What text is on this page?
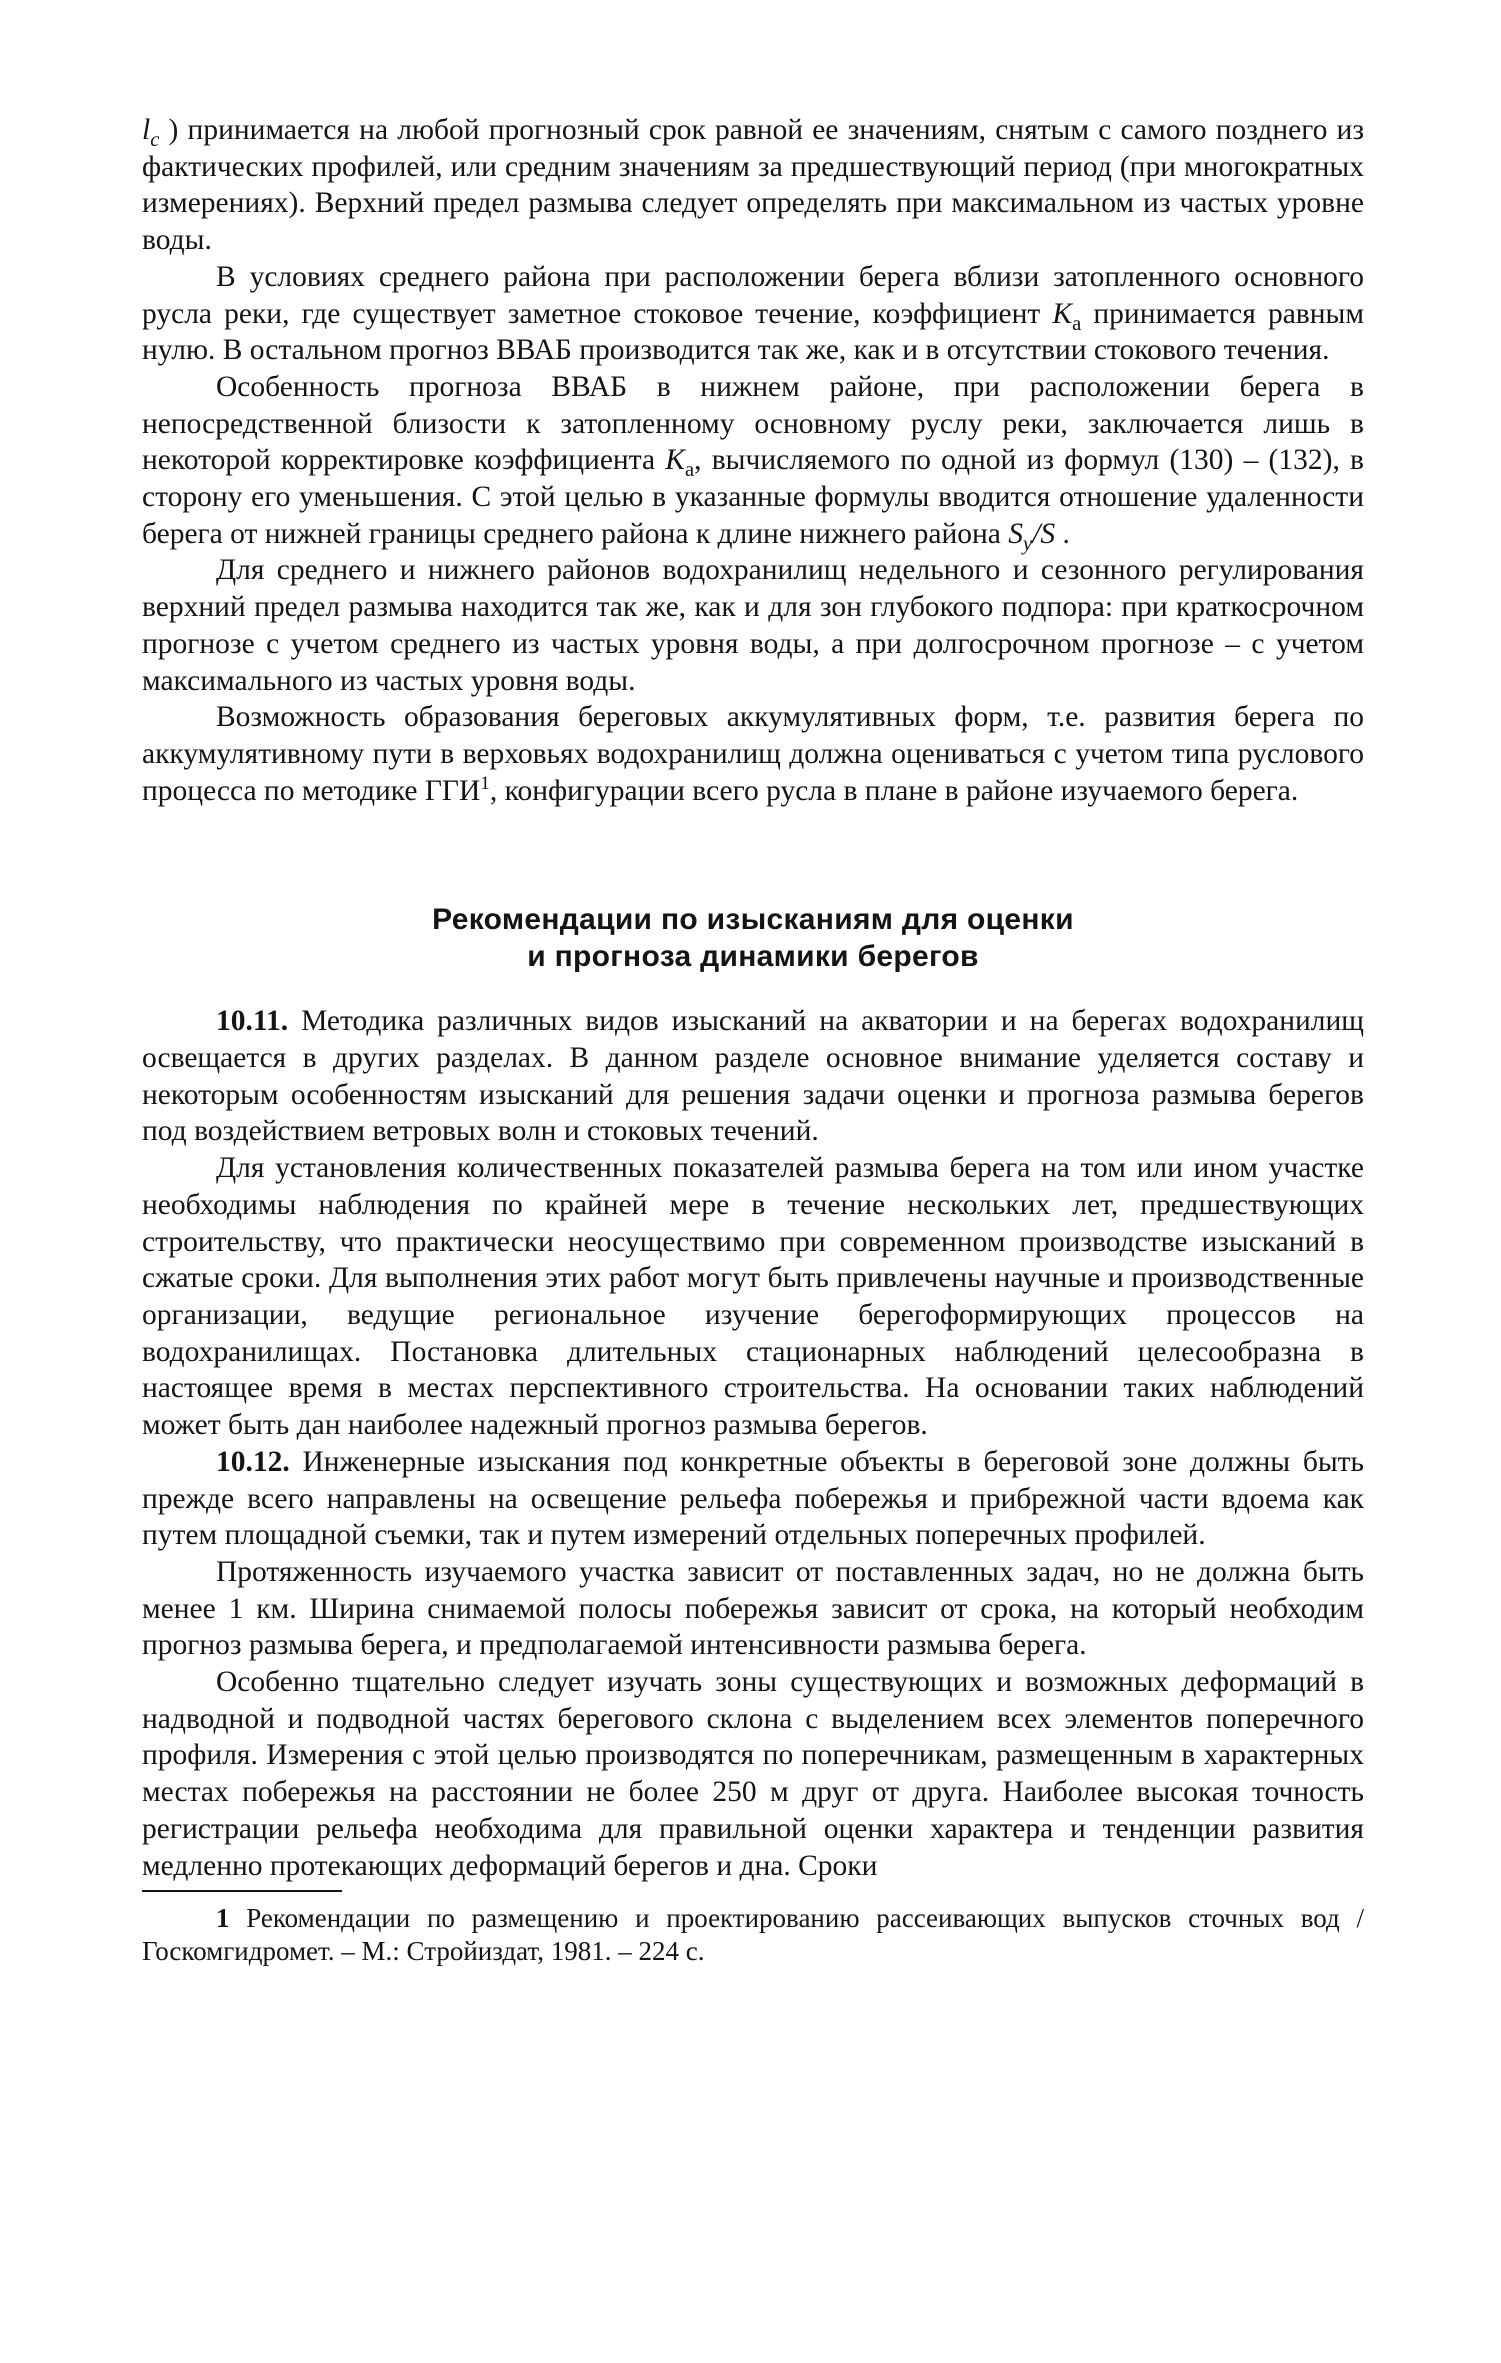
$l_c$ ) принимается на любой прогнозный срок равной ее значениям, снятым с самого позднего из фактических профилей, или средним значениям за предшествующий период (при многократных измерениях). Верхний предел размыва следует определять при максимальном из частых уровне воды.

В условиях среднего района при расположении берега вблизи затопленного основного русла реки, где существует заметное стоковое течение, коэффициент $K_a$ принимается равным нулю. В остальном прогноз ВВАБ производится так же, как и в отсутствии стокового течения.

Особенность прогноза ВВАБ в нижнем районе, при расположении берега в непосредственной близости к затопленному основному руслу реки, заключается лишь в некоторой корректировке коэффициента $K_a$, вычисляемого по одной из формул (130) – (132), в сторону его уменьшения. С этой целью в указанные формулы вводится отношение удаленности берега от нижней границы среднего района к длине нижнего района $S_y/S$ .

Для среднего и нижнего районов водохранилищ недельного и сезонного регулирования верхний предел размыва находится так же, как и для зон глубокого подпора: при краткосрочном прогнозе с учетом среднего из частых уровня воды, а при долгосрочном прогнозе – с учетом максимального из частых уровня воды.

Возможность образования береговых аккумулятивных форм, т.е. развития берега по аккумулятивному пути в верховьях водохранилищ должна оцениваться с учетом типа руслового процесса по методике ГГИ$^1$, конфигурации всего русла в плане в районе изучаемого берега.

Рекомендации по изысканиям для оценки
и прогноза динамики берегов

10.11. Методика различных видов изысканий на акватории и на берегах водохранилищ освещается в других разделах. В данном разделе основное внимание уделяется составу и некоторым особенностям изысканий для решения задачи оценки и прогноза размыва берегов под воздействием ветровых волн и стоковых течений.

Для установления количественных показателей размыва берега на том или ином участке необходимы наблюдения по крайней мере в течение нескольких лет, предшествующих строительству, что практически неосуществимо при современном производстве изысканий в сжатые сроки. Для выполнения этих работ могут быть привлечены научные и производственные организации, ведущие региональное изучение берегоформирующих процессов на водохранилищах. Постановка длительных стационарных наблюдений целесообразна в настоящее время в местах перспективного строительства. На основании таких наблюдений может быть дан наиболее надежный прогноз размыва берегов.

10.12. Инженерные изыскания под конкретные объекты в береговой зоне должны быть прежде всего направлены на освещение рельефа побережья и прибрежной части вдоема как путем площадной съемки, так и путем измерений отдельных поперечных профилей.

Протяженность изучаемого участка зависит от поставленных задач, но не должна быть менее 1 км. Ширина снимаемой полосы побережья зависит от срока, на который необходим прогноз размыва берега, и предполагаемой интенсивности размыва берега.

Особенно тщательно следует изучать зоны существующих и возможных деформаций в надводной и подводной частях берегового склона с выделением всех элементов поперечного профиля. Измерения с этой целью производятся по поперечникам, размещенным в характерных местах побережья на расстоянии не более 250 м друг от друга. Наиболее высокая точность регистрации рельефа необходима для правильной оценки характера и тенденции развития медленно протекающих деформаций берегов и дна. Сроки

1 Рекомендации по размещению и проектированию рассеивающих выпусков сточных вод / Госкомгидромет. – М.: Стройиздат, 1981. – 224 с.
